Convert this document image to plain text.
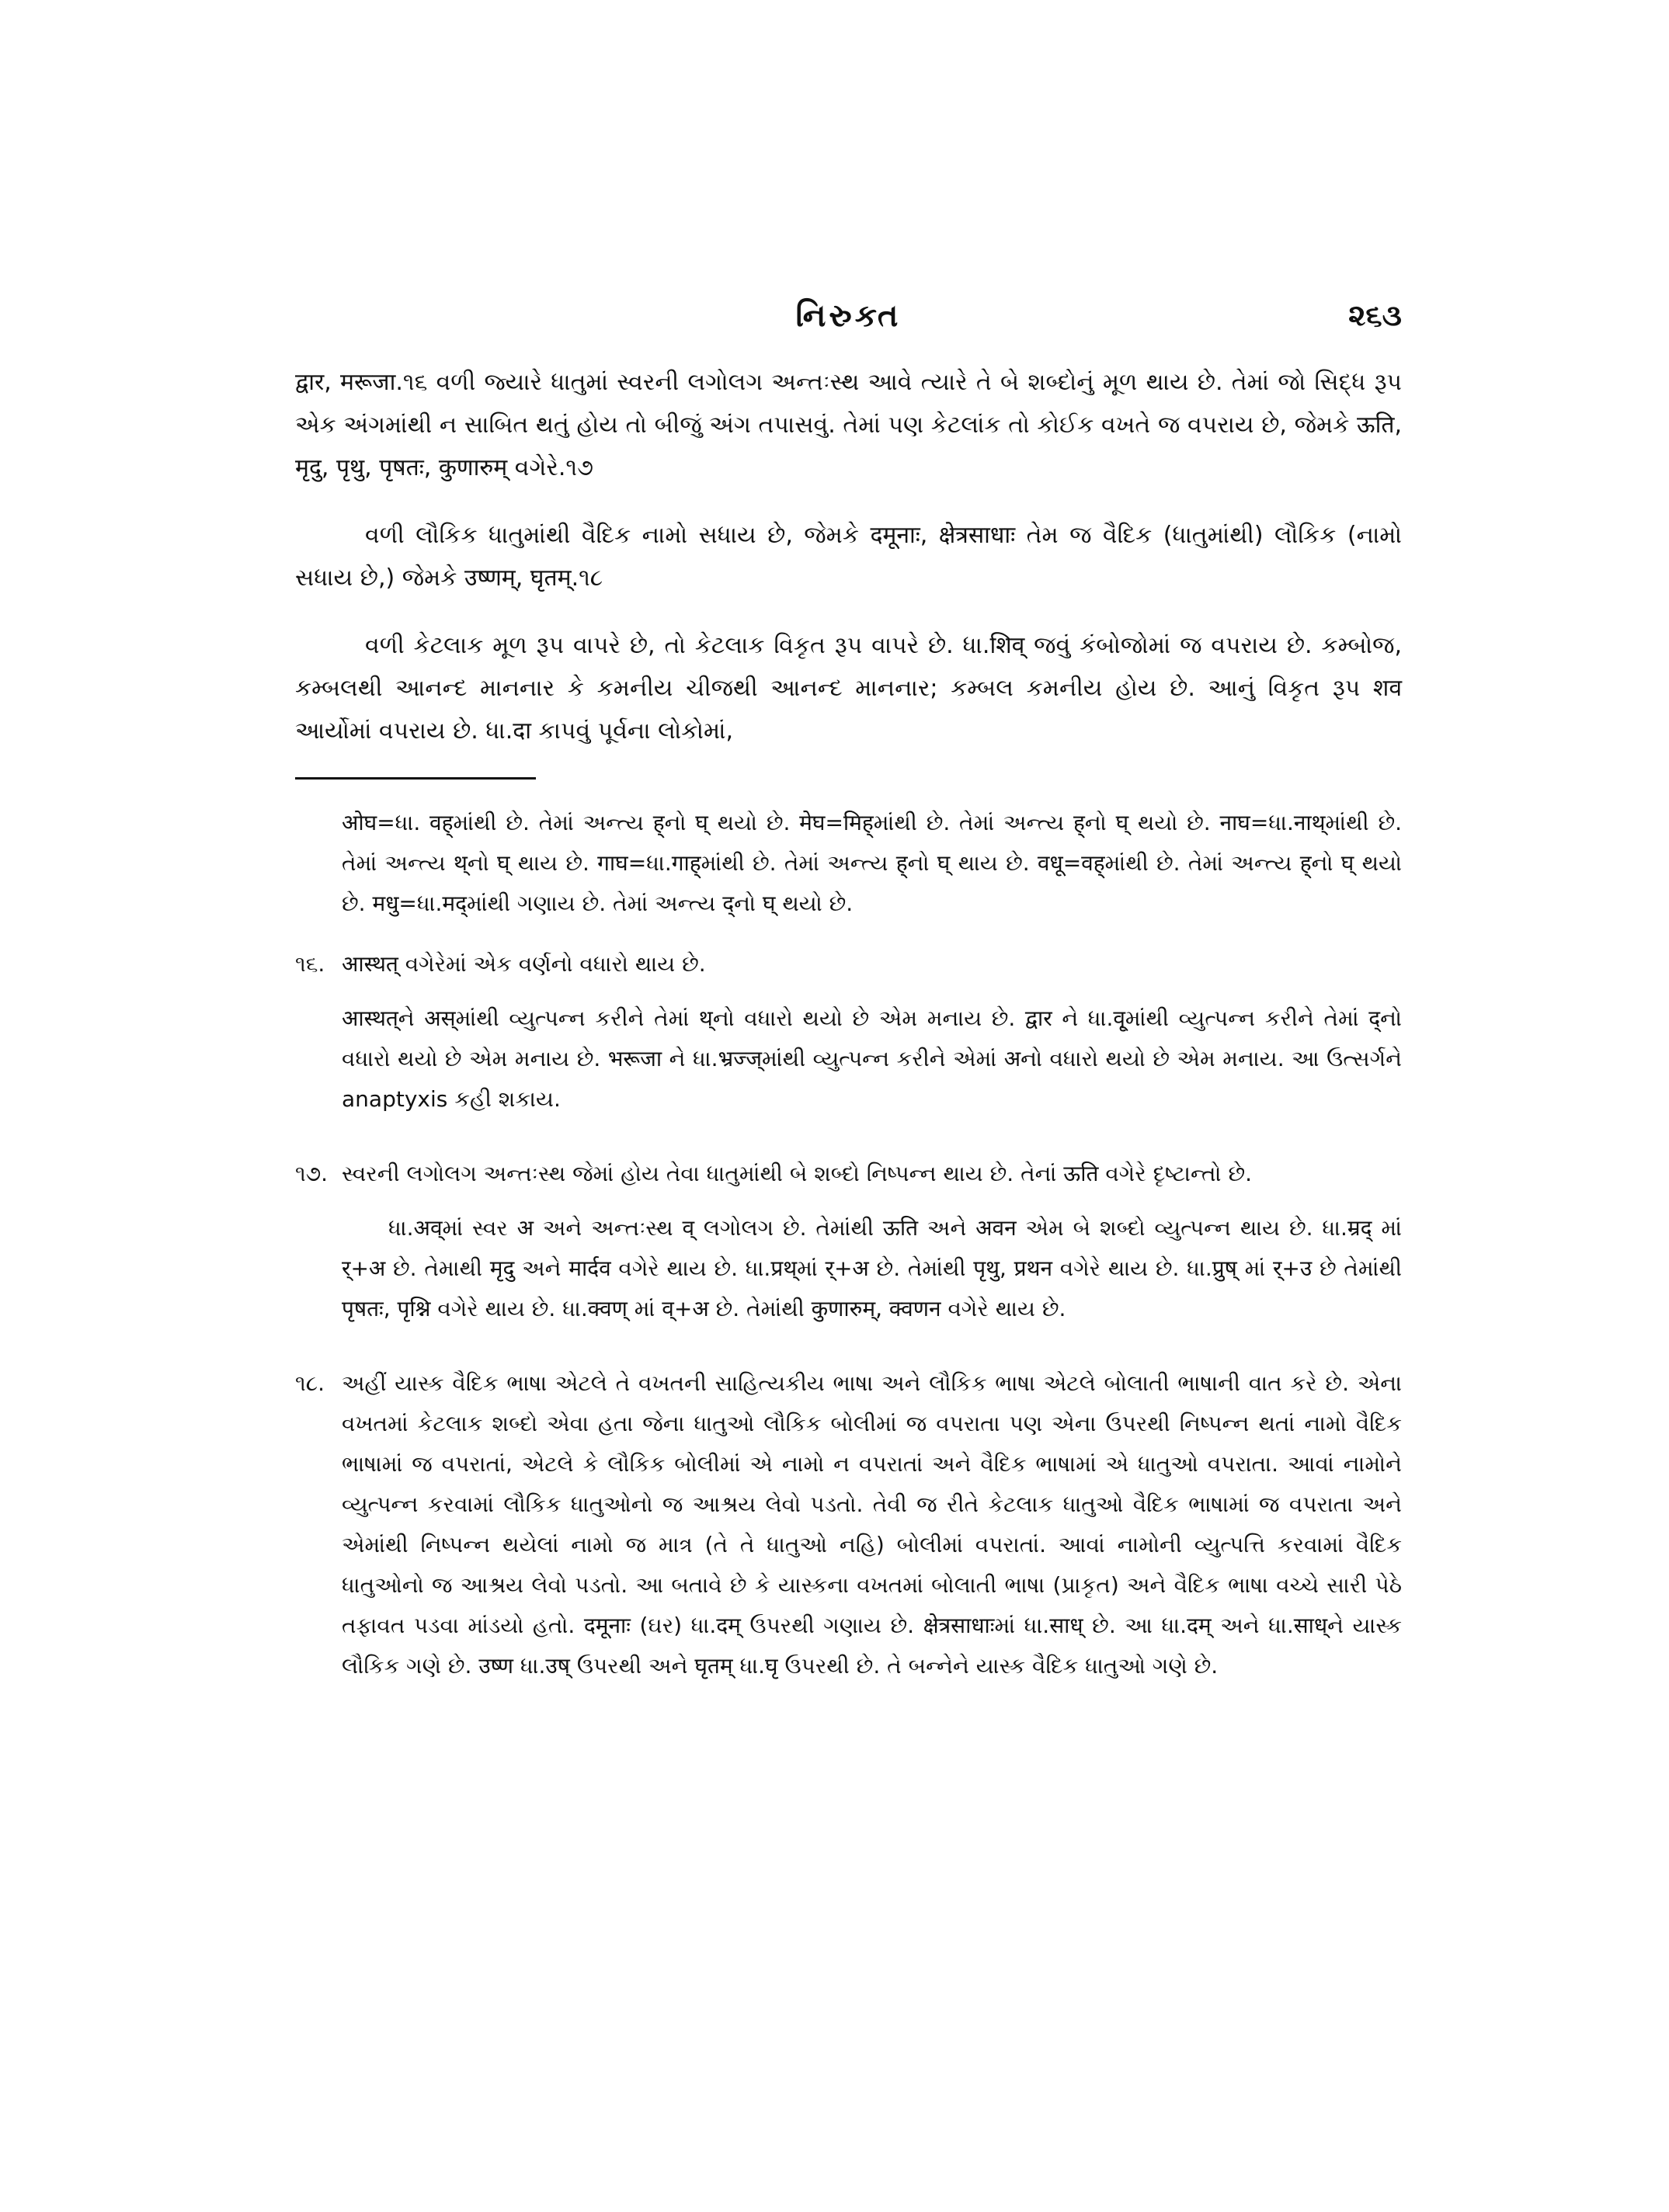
નિરુક્ત	૨૬૩

द्वार, मरूजा.૧૬ વળી જ્યારે ધાતુમાં સ્વરની લગોલગ અન્તઃસ્થ આવે ત્યારે તે બે શબ્દોનું મૂળ થાય છે. તેમાં જો સિદ્ધ રૂપ એક અંગમાંથી ન સાબિત થતું હોય તો બીજું અંગ તપાસવું. તેમાં પણ કેટલાંક તો કોઈક વખતે જ વપરાય છે, જેમકે ऊति, मृदु, पृथु, पृषतः, कुणारुम् વગેરે.૧૭

વળી લૌકિક ધાતુમાંથી વૈદિક નામો સધાય છે, જેમકે दमूनाः, क्षेत्रसाधाः તેમ જ વૈદિક (ધાતુમાંથી) લૌકિક (નામો સધાય છે,) જેમકે उष्णम्, घृतम्.૧૮

વળી કેટલાક મૂળ રૂપ વાપરે છે, તો કેટલાક વિકૃત રૂપ વાપરે છે. ધા.शिव् જવું કંબોજોમાં જ વપરાય છે. કમ્બોજ, કમ્બલથી આનન્દ માનનાર કે કમનીય ચીજથી આનન્દ માનનાર; કમ્બલ કમનીય હોય છે. આનું વિકૃત રૂપ शव આર્યોમાં વપરાય છે. ધા.दा કાપવું પૂર્વના લોકોમાં,

ओघ=ધા. वह्માંથી છે. તેમાં અન્ત્ય ह्નો घ् થયો છે. मेघ=मिह्માંથી છે. તેમાં અન્ત્ય ह्નો घ् થયો છે. नाघ=ધા.नाथ्માંથી છે. તેમાં અન્ત્ય थ्નો घ् થાય છે. गाघ=ધા.गाह्માંથી છે. તેમાં અન્ત્ય ह्નો घ् થાય છે. वधू=वह्માંથી છે. તેમાં અન્ત્ય ह्નો घ् થયો છે. मधु=ધા.मद्માંથી ગણાય છે. તેમાં અન્ત્ય द्નો घ् થયો છે.
૧૬. आस्थत् વગેરેમાં એક વર્ણનો વધારો થાય છે.

आस्थत्ને अस्માંથી વ્યુત્પન્ન કરીને તેમાં थ्નો વધારો થયો છે એમ મનાય છે. द्वार ને ધા.वृ्માંથી વ્યુત્પન્ન કરીને તેમાં द्નો વધારો થયો છે એમ મનાય છે. भरूजा ને ધા.भ्रज्ज्માંથી વ્યુત્પન્ન કરીને એમાં अનો વધારો થયો છે એમ મનાય. આ ઉત્સર્ગને anaptyxis કહી શકાય.

૧૭. સ્વરની લગોલગ અન્તઃસ્થ જેમાં હોય તેવા ધાતુમાંથી બે શબ્દો નિષ્પન્ન થાય છે. તેનાં ऊति વગેરે દૃષ્ટાન્તો છે.

ધા.अव्માં સ્વર अ અને અન્તઃસ્થ व् લગોલગ છે. તેમાંથી ऊति અને अवन એમ બે શબ્દો વ્યુત્પન્ન થાય છે. ધા.म्रद् માં र्+अ છે. તેમાથી मृदु અને मार्दव વગેરે થાય છે. ધા.प्रथ्માં र्+अ છે. તેમાંથી पृथु, प्रथन વગેરે થાય છે. ધા.प्रुष् માં र्+उ છે તેમાંથી पृषतः, पृश्नि વગેરે થાય છે. ધા.क्वण् માં व्+अ છે. તેમાંથી कुणारुम्, क्वणन વગેરે થાય છે.

૧૮. અહીં યાસ્ક વૈદિક ભાષા એટલે તે વખતની સાહિત્યકીય ભાષા અને લૌકિક ભાષા એટલે બોલાતી ભાષાની વાત કરે છે. એના વખતમાં કેટલાક શબ્દો એવા હતા જેના ધાતુઓ લૌકિક બોલીમાં જ વપરાતા પણ એના ઉપરથી નિષ્પન્ન થતાં નામો વૈદિક ભાષામાં જ વપરાતાં, એટલે કે લૌકિક બોલીમાં એ નામો ન વપરાતાં અને વૈદિક ભાષામાં એ ધાતુઓ વપરાતા. આવાં નામોને વ્યુત્પન્ન કરવામાં લૌકિક ધાતુઓનો જ આશ્રય લેવો પડતો. તેવી જ રીતે કેટલાક ધાતુઓ વૈદિક ભાષામાં જ વપરાતા અને એમાંથી નિષ્પન્ન થયેલાં નામો જ માત્ર (તે તે ધાતુઓ નહિ) બોલીમાં વપરાતાં. આવાં નામોની વ્યુત્પત્તિ કરવામાં વૈદિક ધાતુઓનો જ આશ્રય લેવો પડતો. આ બતાવે છે કે યાસ્કના વખતમાં બોલાતી ભાષા (પ્રાકૃત) અને વૈદિક ભાષા વચ્ચે સારી પેઠે તફાવત પડવા માંડયો હતો. दमूनाः (ઘર) ધા.दम् ઉપરથી ગણાય છે. क्षेत्रसाधाःમાં ધા.साध् છે. આ ધા.दम् અને ધા.साध्ને યાસ્ક લૌકિક ગણે છે. उष्ण ધા.उष् ઉપરથી અને घृतम् ધા.घृ ઉપરથી છે. તે બન્નેને યાસ્ક વૈદિક ધાતુઓ ગણે છે.
